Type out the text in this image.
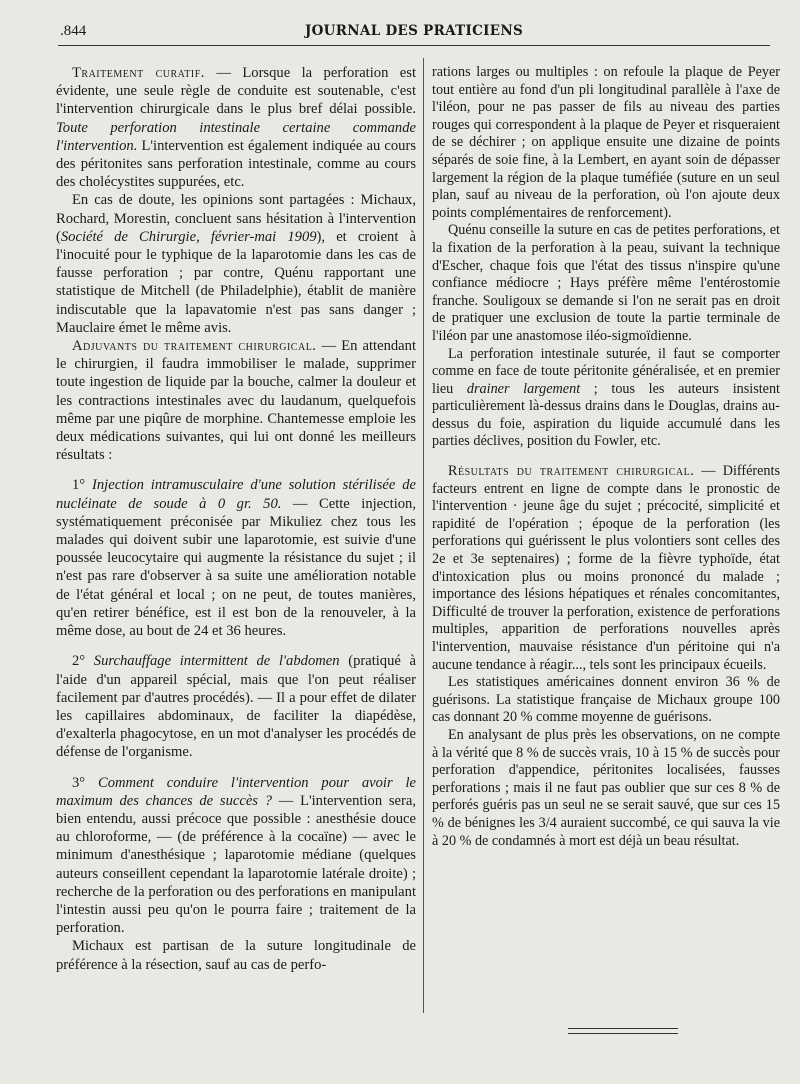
.844	JOURNAL DES PRATICIENS

Traitement curatif. — Lorsque la perforation est évidente, une seule règle de conduite est soutenable, c'est l'intervention chirurgicale dans le plus bref délai possible. Toute perforation intestinale certaine commande l'intervention. L'intervention est également indiquée au cours des péritonites sans perforation intestinale, comme au cours des cholécystites suppurées, etc.

En cas de doute, les opinions sont partagées : Michaux, Rochard, Morestin, concluent sans hésitation à l'intervention (Société de Chirurgie, février-mai 1909), et croient à l'inocuité pour le typhique de la laparotomie dans les cas de fausse perforation ; par contre, Quénu rapportant une statistique de Mitchell (de Philadelphie), établit de manière indiscutable que la lapavatomie n'est pas sans danger ; Mauclaire émet le même avis.

Adjuvants du traitement chirurgical. — En attendant le chirurgien, il faudra immobiliser le malade, supprimer toute ingestion de liquide par la bouche, calmer la douleur et les contractions intestinales avec du laudanum, quelquefois même par une piqûre de morphine. Chantemesse emploie les deux médications suivantes, qui lui ont donné les meilleurs résultats :

1° Injection intramusculaire d'une solution stérilisée de nucléinate de soude à 0 gr. 50. — Cette injection, systématiquement préconisée par Mikuliez chez tous les malades qui doivent subir une laparotomie, est suivie d'une poussée leucocytaire qui augmente la résistance du sujet ; il n'est pas rare d'observer à sa suite une amélioration notable de l'état général et local ; on ne peut, de toutes manières, qu'en retirer bénéfice, est il est bon de la renouveler, à la même dose, au bout de 24 et 36 heures.

2° Surchauffage intermittent de l'abdomen (pratiqué à l'aide d'un appareil spécial, mais que l'on peut réaliser facilement par d'autres procédés). — Il a pour effet de dilater les capillaires abdominaux, de faciliter la diapédèse, d'exalterla phagocytose, en un mot d'analyser les procédés de défense de l'organisme.

3° Comment conduire l'intervention pour avoir le maximum des chances de succès ? — L'intervention sera, bien entendu, aussi précoce que possible : anesthésie douce au chloroforme, — (de préférence à la cocaïne) — avec le minimum d'anesthésique ; laparotomie médiane (quelques auteurs conseillent cependant la laparotomie latérale droite) ; recherche de la perforation ou des perforations en manipulant l'intestin aussi peu qu'on le pourra faire ; traitement de la perforation.

Michaux est partisan de la suture longitudinale de préférence à la résection, sauf au cas de perfo-

rations larges ou multiples : on refoule la plaque de Peyer tout entière au fond d'un pli longitudinal parallèle à l'axe de l'iléon, pour ne pas passer de fils au niveau des parties rouges qui correspondent à la plaque de Peyer et risqueraient de se déchirer ; on applique ensuite une dizaine de points séparés de soie fine, à la Lembert, en ayant soin de dépasser largement la région de la plaque tuméfiée (suture en un seul plan, sauf au niveau de la perforation, où l'on ajoute deux points complémentaires de renforcement).

Quénu conseille la suture en cas de petites perforations, et la fixation de la perforation à la peau, suivant la technique d'Escher, chaque fois que l'état des tissus n'inspire qu'une confiance médiocre ; Hays préfère même l'entérostomie franche. Souligoux se demande si l'on ne serait pas en droit de pratiquer une exclusion de toute la partie terminale de l'iléon par une anastomose iléo-sigmoïdienne.

La perforation intestinale suturée, il faut se comporter comme en face de toute péritonite généralisée, et en premier lieu drainer largement ; tous les auteurs insistent particulièrement là-dessus drains dans le Douglas, drains au-dessus du foie, aspiration du liquide accumulé dans les parties déclives, position du Fowler, etc.

Résultats du traitement chirurgical. — Différents facteurs entrent en ligne de compte dans le pronostic de l'intervention · jeune âge du sujet ; précocité, simplicité et rapidité de l'opération ; époque de la perforation (les perforations qui guérissent le plus volontiers sont celles des 2e et 3e septenaires) ; forme de la fièvre typhoïde, état d'intoxication plus ou moins prononcé du malade ; importance des lésions hépatiques et rénales concomitantes, Difficulté de trouver la perforation, existence de perforations multiples, apparition de perforations nouvelles après l'intervention, mauvaise résistance d'un péritoine qui n'a aucune tendance à réagir..., tels sont les principaux écueils.

Les statistiques américaines donnent environ 36 % de guérisons. La statistique française de Michaux groupe 100 cas donnant 20 % comme moyenne de guérisons.

En analysant de plus près les observations, on ne compte à la vérité que 8 % de succès vrais, 10 à 15 % de succès pour perforation d'appendice, péritonites localisées, fausses perforations ; mais il ne faut pas oublier que sur ces 8 % de perforés guéris pas un seul ne se serait sauvé, que sur ces 15 % de bénignes les 3/4 auraient succombé, ce qui sauva la vie à 20 % de condamnés à mort est déjà un beau résultat.
